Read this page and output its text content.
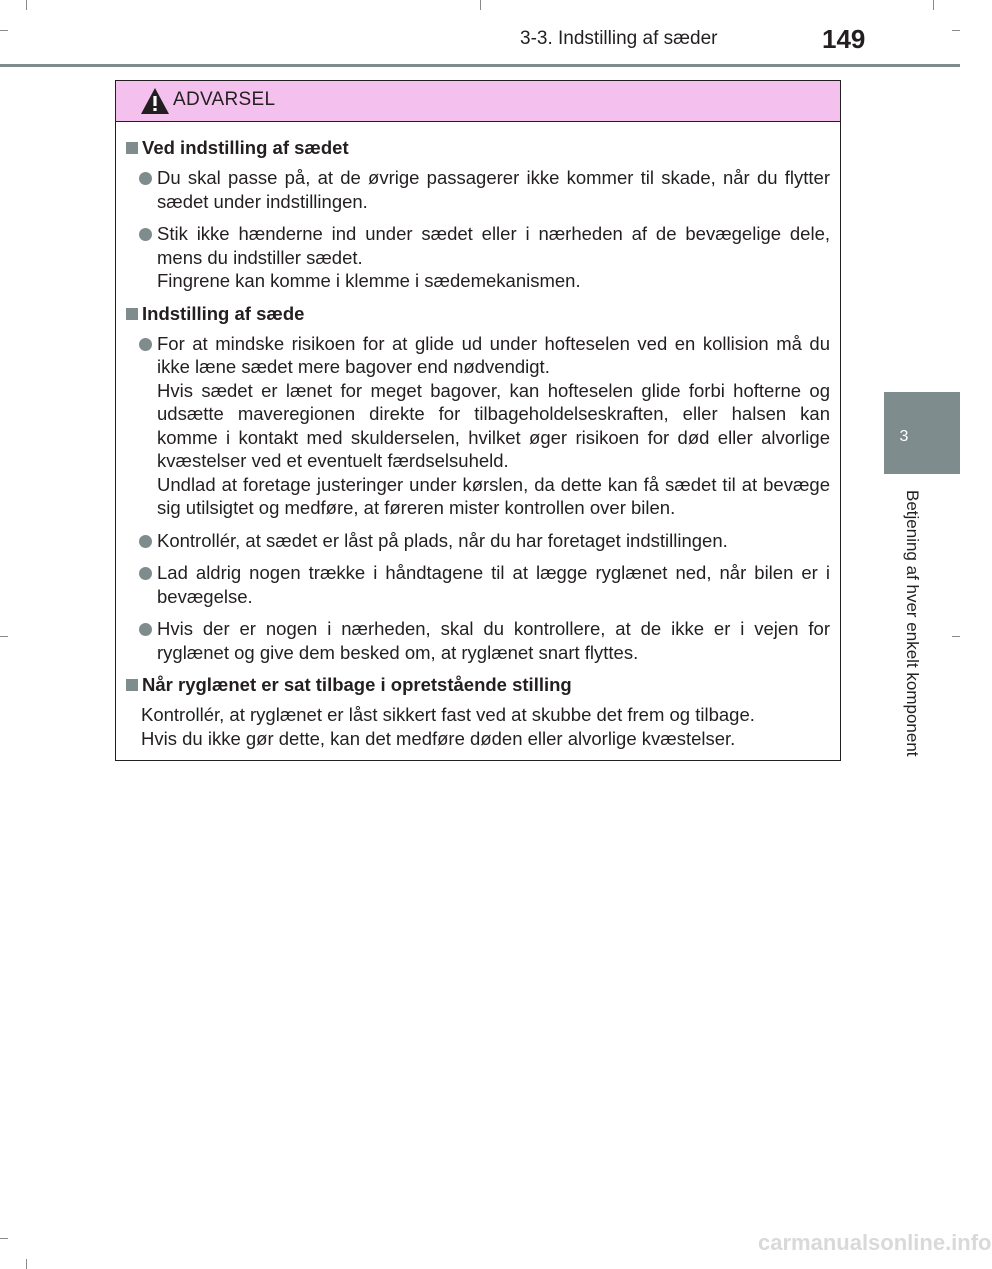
3-3. Indstilling af sæder	149
3
Betjening af hver enkelt komponent
ADVARSEL
Ved indstilling af sædet
Du skal passe på, at de øvrige passagerer ikke kommer til skade, når du flytter sædet under indstillingen.
Stik ikke hænderne ind under sædet eller i nærheden af de bevægelige dele, mens du indstiller sædet.
Fingrene kan komme i klemme i sædemekanismen.
Indstilling af sæde
For at mindske risikoen for at glide ud under hofteselen ved en kollision må du ikke læne sædet mere bagover end nødvendigt.
Hvis sædet er lænet for meget bagover, kan hofteselen glide forbi hofterne og udsætte maveregionen direkte for tilbageholdelseskraften, eller halsen kan komme i kontakt med skulderselen, hvilket øger risikoen for død eller alvorlige kvæstelser ved et eventuelt færdselsuheld.
Undlad at foretage justeringer under kørslen, da dette kan få sædet til at bevæge sig utilsigtet og medføre, at føreren mister kontrollen over bilen.
Kontrollér, at sædet er låst på plads, når du har foretaget indstillingen.
Lad aldrig nogen trække i håndtagene til at lægge ryglænet ned, når bilen er i bevægelse.
Hvis der er nogen i nærheden, skal du kontrollere, at de ikke er i vejen for ryglænet og give dem besked om, at ryglænet snart flyttes.
Når ryglænet er sat tilbage i opretstående stilling
Kontrollér, at ryglænet er låst sikkert fast ved at skubbe det frem og tilbage.
Hvis du ikke gør dette, kan det medføre døden eller alvorlige kvæstelser.
carmanualsonline.info
